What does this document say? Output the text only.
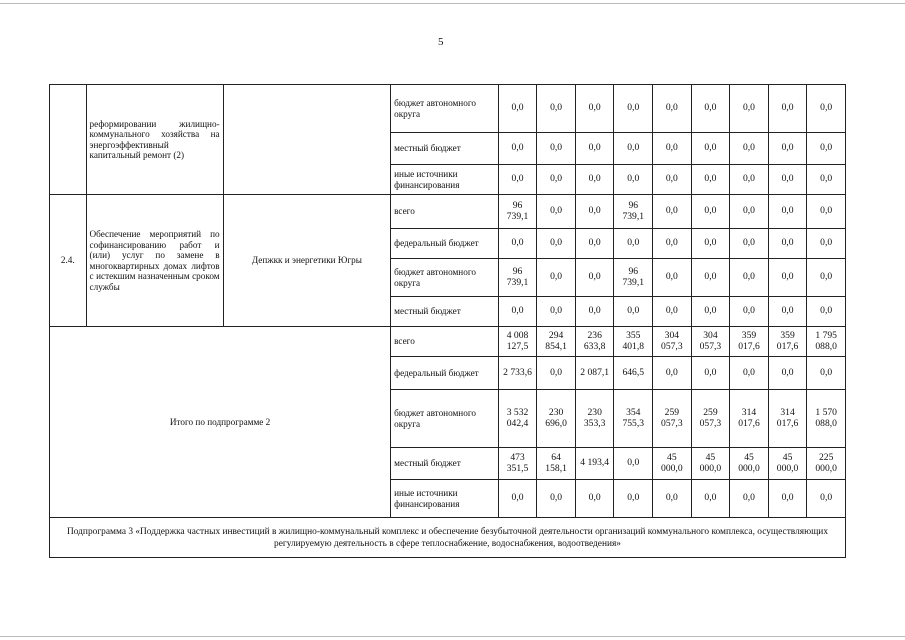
5
	реформировании жилищно-коммунального хозяйства на энергоэффективный капитальный ремонт (2)		бюджет автономного округа	0,0	0,0	0,0	0,0	0,0	0,0	0,0	0,0	0,0
			местный бюджет	0,0	0,0	0,0	0,0	0,0	0,0	0,0	0,0	0,0
			иные источники финансирования	0,0	0,0	0,0	0,0	0,0	0,0	0,0	0,0	0,0
2.4.	Обеспечение мероприятий по софинансированию работ и (или) услуг по замене в многоквартирных домах лифтов с истекшим назначенным сроком службы	Депжкк и энергетики Югры	всего	96 739,1	0,0	0,0	96 739,1	0,0	0,0	0,0	0,0	0,0
			федеральный бюджет	0,0	0,0	0,0	0,0	0,0	0,0	0,0	0,0	0,0
			бюджет автономного округа	96 739,1	0,0	0,0	96 739,1	0,0	0,0	0,0	0,0	0,0
			местный бюджет	0,0	0,0	0,0	0,0	0,0	0,0	0,0	0,0	0,0
Итого по подпрограмме 2			всего	4 008 127,5	294 854,1	236 633,8	355 401,8	304 057,3	304 057,3	359 017,6	359 017,6	1 795 088,0
			федеральный бюджет	2 733,6	0,0	2 087,1	646,5	0,0	0,0	0,0	0,0	0,0
			бюджет автономного округа	3 532 042,4	230 696,0	230 353,3	354 755,3	259 057,3	259 057,3	314 017,6	314 017,6	1 570 088,0
			местный бюджет	473 351,5	64 158,1	4 193,4	0,0	45 000,0	45 000,0	45 000,0	45 000,0	225 000,0
			иные источники финансирования	0,0	0,0	0,0	0,0	0,0	0,0	0,0	0,0	0,0
Подпрограмма 3 «Поддержка частных инвестиций в жилищно-коммунальный комплекс и обеспечение безубыточной деятельности организаций коммунального комплекса, осуществляющих регулируемую деятельность в сфере теплоснабжение, водоснабжения, водоотведения»												
